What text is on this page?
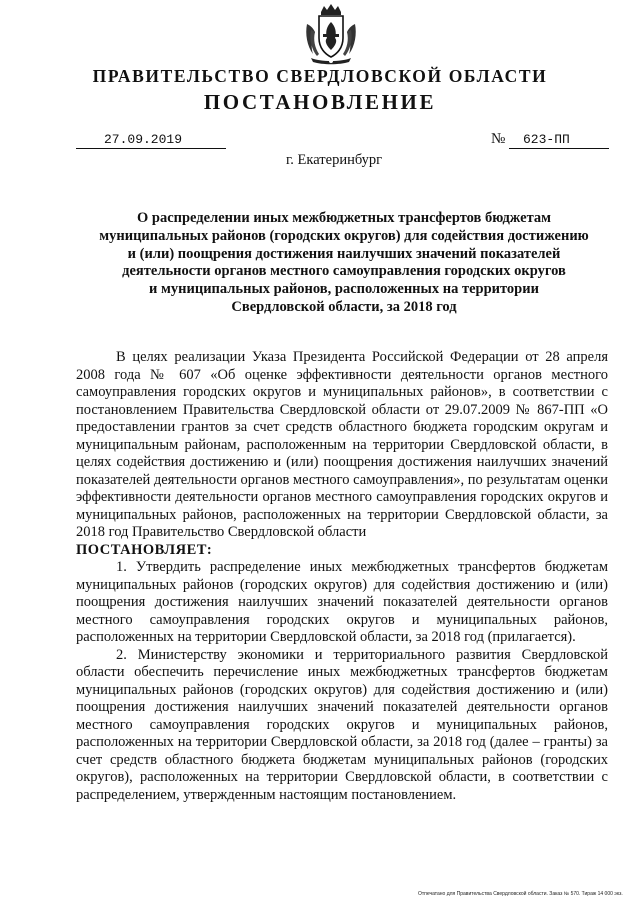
ПРАВИТЕЛЬСТВО СВЕРДЛОВСКОЙ ОБЛАСТИ
ПОСТАНОВЛЕНИЕ
27.09.2019	№	623-ПП
г. Екатеринбург
О распределении иных межбюджетных трансфертов бюджетам
муниципальных районов (городских округов) для содействия достижению
и (или) поощрения достижения наилучших значений показателей
деятельности органов местного самоуправления городских округов
и муниципальных районов, расположенных на территории
Свердловской области, за 2018 год

В целях реализации Указа Президента Российской Федерации от 28 апреля 2008 года № 607 «Об оценке эффективности деятельности органов местного самоуправления городских округов и муниципальных районов», в соответствии с постановлением Правительства Свердловской области от 29.07.2009 № 867-ПП «О предоставлении грантов за счет средств областного бюджета городским округам и муниципальным районам, расположенным на территории Свердловской области, в целях содействия достижению и (или) поощрения достижения наилучших значений показателей деятельности органов местного самоуправления», по результатам оценки эффективности деятельности органов местного самоуправления городских округов и муниципальных районов, расположенных на территории Свердловской области, за 2018 год Правительство Свердловской области

ПОСТАНОВЛЯЕТ:

1. Утвердить распределение иных межбюджетных трансфертов бюджетам муниципальных районов (городских округов) для содействия достижению и (или) поощрения достижения наилучших значений показателей деятельности органов местного самоуправления городских округов и муниципальных районов, расположенных на территории Свердловской области, за 2018 год (прилагается).

2. Министерству экономики и территориального развития Свердловской области обеспечить перечисление иных межбюджетных трансфертов бюджетам муниципальных районов (городских округов) для содействия достижению и (или) поощрения достижения наилучших значений показателей деятельности органов местного самоуправления городских округов и муниципальных районов, расположенных на территории Свердловской области, за 2018 год (далее – гранты) за счет средств областного бюджета бюджетам муниципальных районов (городских округов), расположенных на территории Свердловской области, в соответствии с распределением, утвержденным настоящим постановлением.

Отпечатано для Правительства Свердловской области. Заказ № 570. Тираж 14 000 экз.
